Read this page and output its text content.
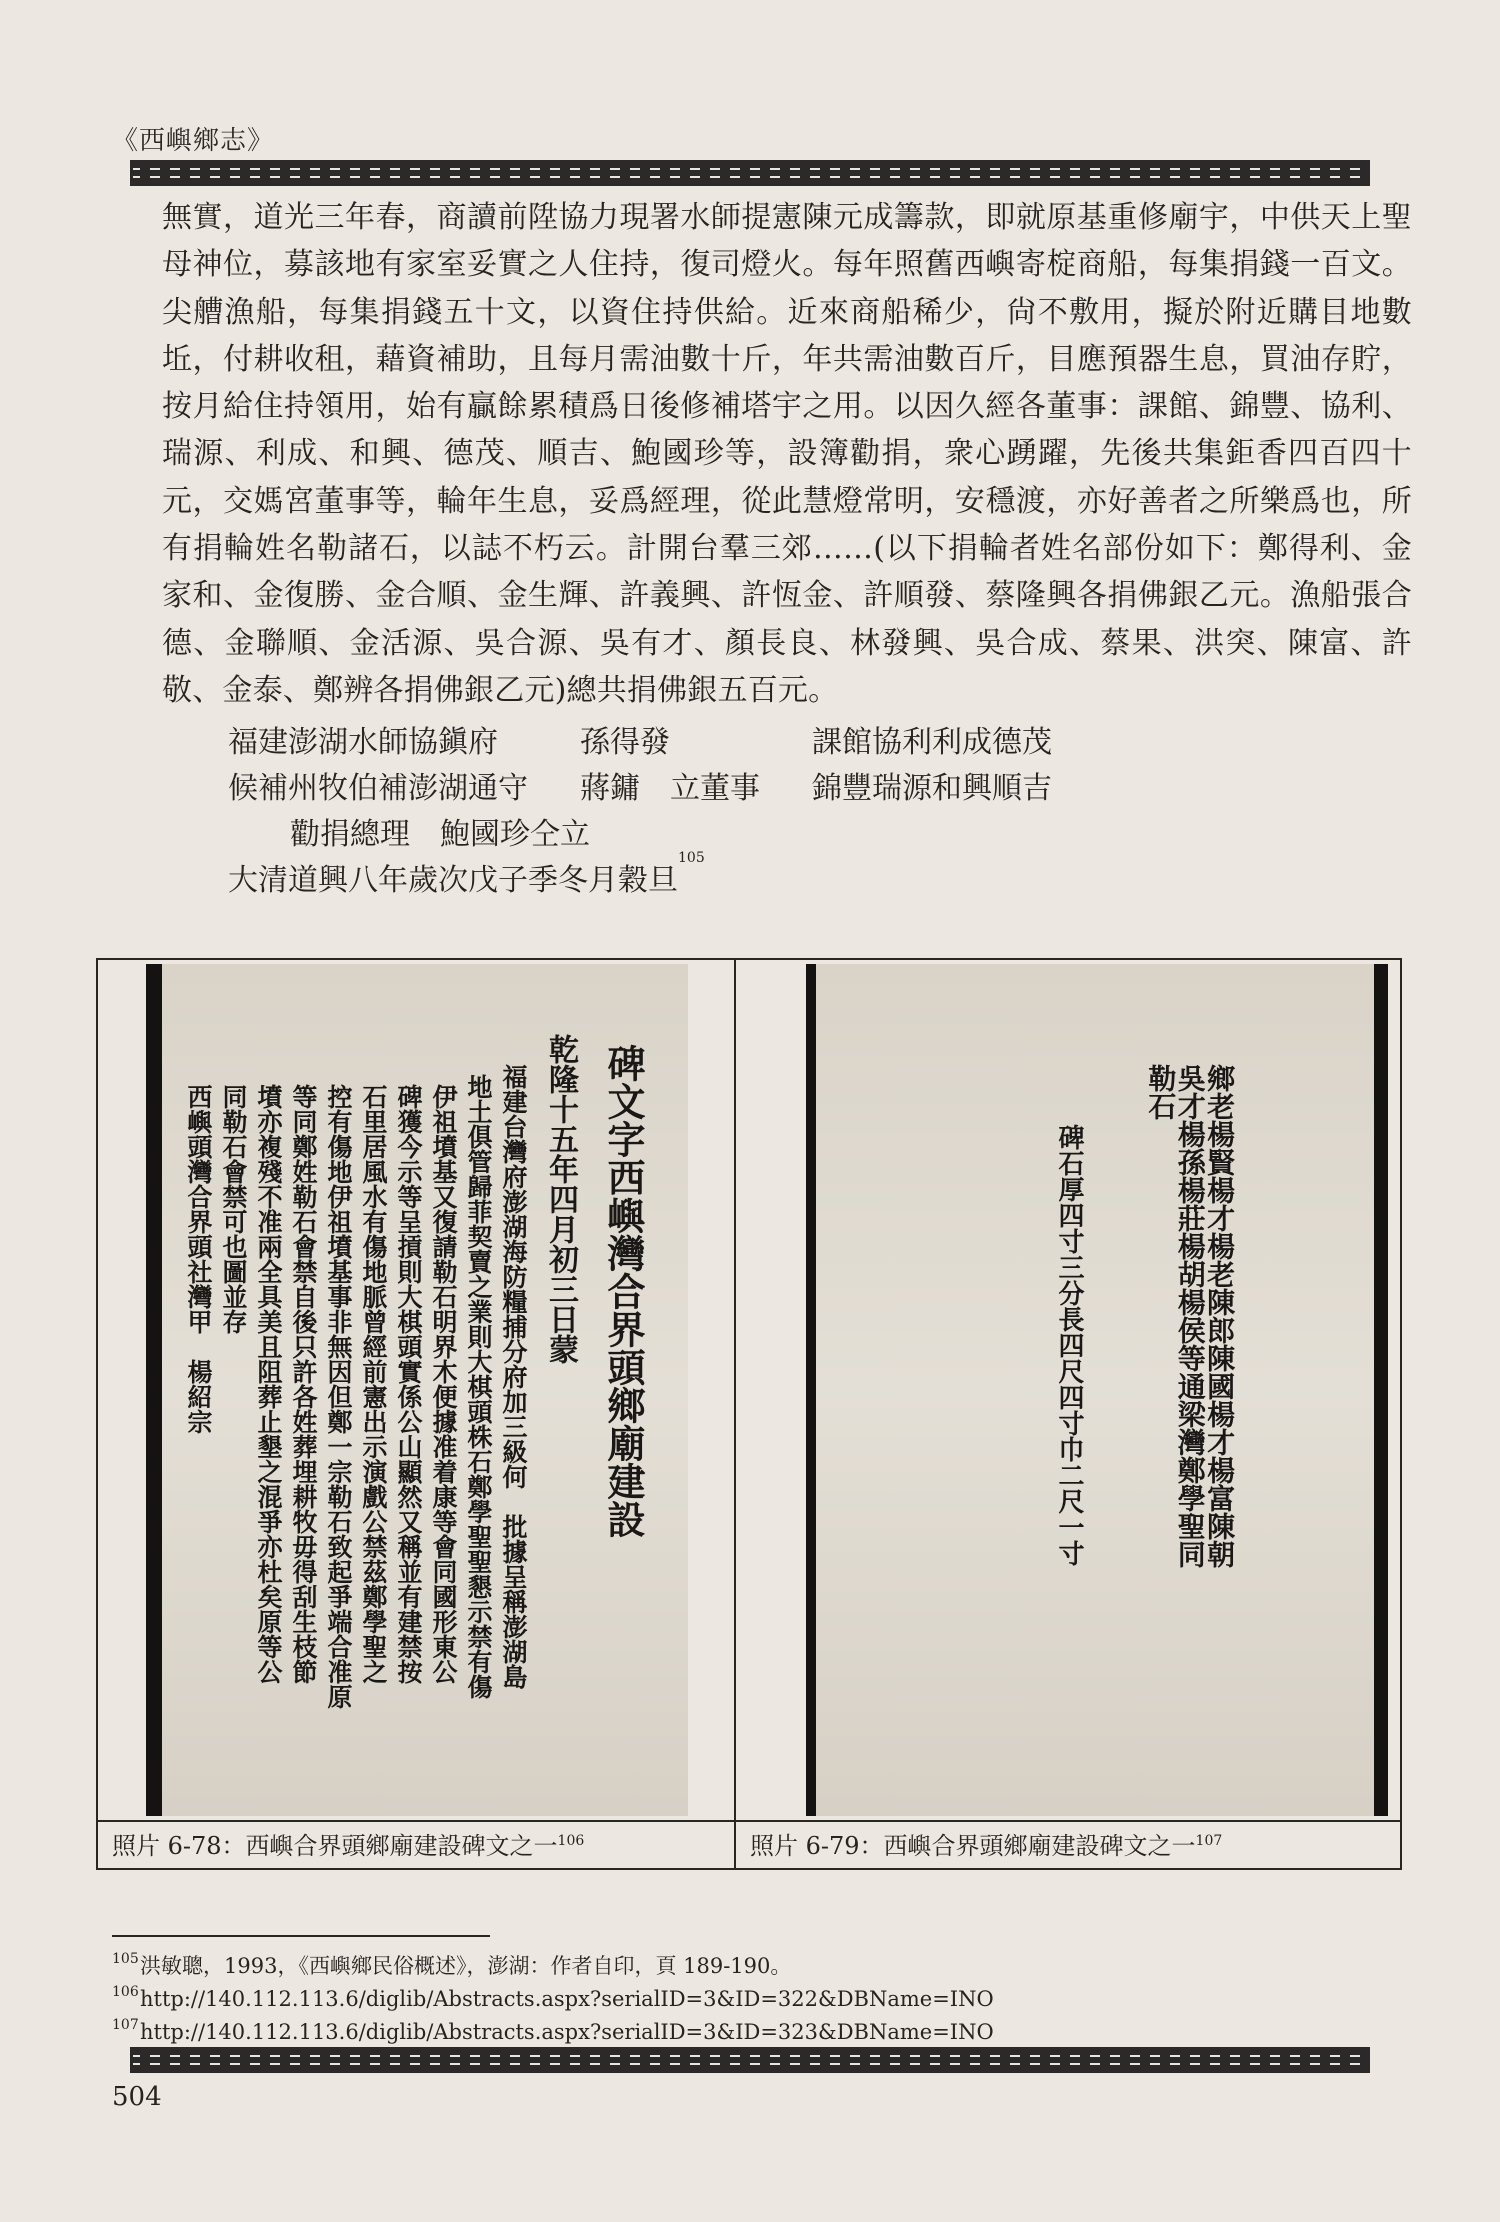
《西嶼鄉志》

無實，道光三年春，商讀前陞協力現署水師提憲陳元成籌款，即就原基重修廟宇，中供天上聖母神位，募該地有家室妥實之人住持，復司燈火。每年照舊西嶼寄椗商船，每集捐錢一百文。尖艚漁船，每集捐錢五十文，以資住持供給。近來商船稀少，尙不敷用，擬於附近購目地數坵，付耕收租，藉資補助，且每月需油數十斤，年共需油數百斤，目應預器生息，買油存貯，按月給住持領用，始有贏餘累積爲日後修補塔宇之用。以因久經各董事：課館、錦豐、協利、瑞源、利成、和興、德茂、順吉、鮑國珍等，設簿勸捐，衆心踴躍，先後共集鉅香四百四十元，交媽宮董事等，輪年生息，妥爲經理，從此慧燈常明，安穩渡，亦好善者之所樂爲也，所有捐輪姓名勒諸石，以誌不朽云。計開台羣三郊……(以下捐輪者姓名部份如下：鄭得利、金家和、金復勝、金合順、金生輝、許義興、許恆金、許順發、蔡隆興各捐佛銀乙元。漁船張合德、金聯順、金活源、吳合源、吳有才、顏長良、林發興、吳合成、蔡果、洪突、陳富、許敬、金泰、鄭辨各捐佛銀乙元)總共捐佛銀五百元。

福建澎湖水師協鎭府	孫得發	課館協利利成德茂
候補州牧伯補澎湖通守	蔣鏞　立董事	錦豐瑞源和興順吉
勸捐總理　鮑國珍仝立
大清道興八年歲次戊子季冬月穀旦
105
碑文字西嶼灣合界頭鄉廟建設
乾隆十五年四月初三日蒙
福建台灣府澎湖海防糧捕分府加三級何　批據呈稱澎湖島
地土俱管歸菲契賣之業則大棋頭株石鄭學聖聖懇示禁有傷
伊祖墳基又復請勒石明界木便據准着康等會同國形東公
碑獲今示等呈摃則大棋頭實係公山顯然又稱並有建禁按
石里居風水有傷地脈曾經前憲出示演戲公禁茲鄭學聖之
控有傷地伊祖墳基事非無因但鄭一宗勒石致起爭端合准原
等同鄭姓勒石會禁自後只許各姓葬埋耕牧毋得刮生枝節
墳亦複殘不准兩全具美且阻葬止墾之混爭亦杜矣原等公
同勒石會禁可也圖並存
西嶼頭灣合界頭社灣甲　楊紹宗	鄉老楊賢楊才楊老陳郎陳國楊才楊富陳朝吳才楊孫楊莊楊胡楊侯等通梁灣鄭學聖同勒石
碑石厚四寸三分長四尺四寸巾二尺一寸
照片 6-78：西嶼合界頭鄉廟建設碑文之一$^{106}$	照片 6-79：西嶼合界頭鄉廟建設碑文之一$^{107}$
105 洪敏聰，1993，《西嶼鄉民俗概述》，澎湖：作者自印，頁 189-190。
106 http://140.112.113.6/diglib/Abstracts.aspx?serialID=3&ID=322&DBName=INO
107 http://140.112.113.6/diglib/Abstracts.aspx?serialID=3&ID=323&DBName=INO
504
